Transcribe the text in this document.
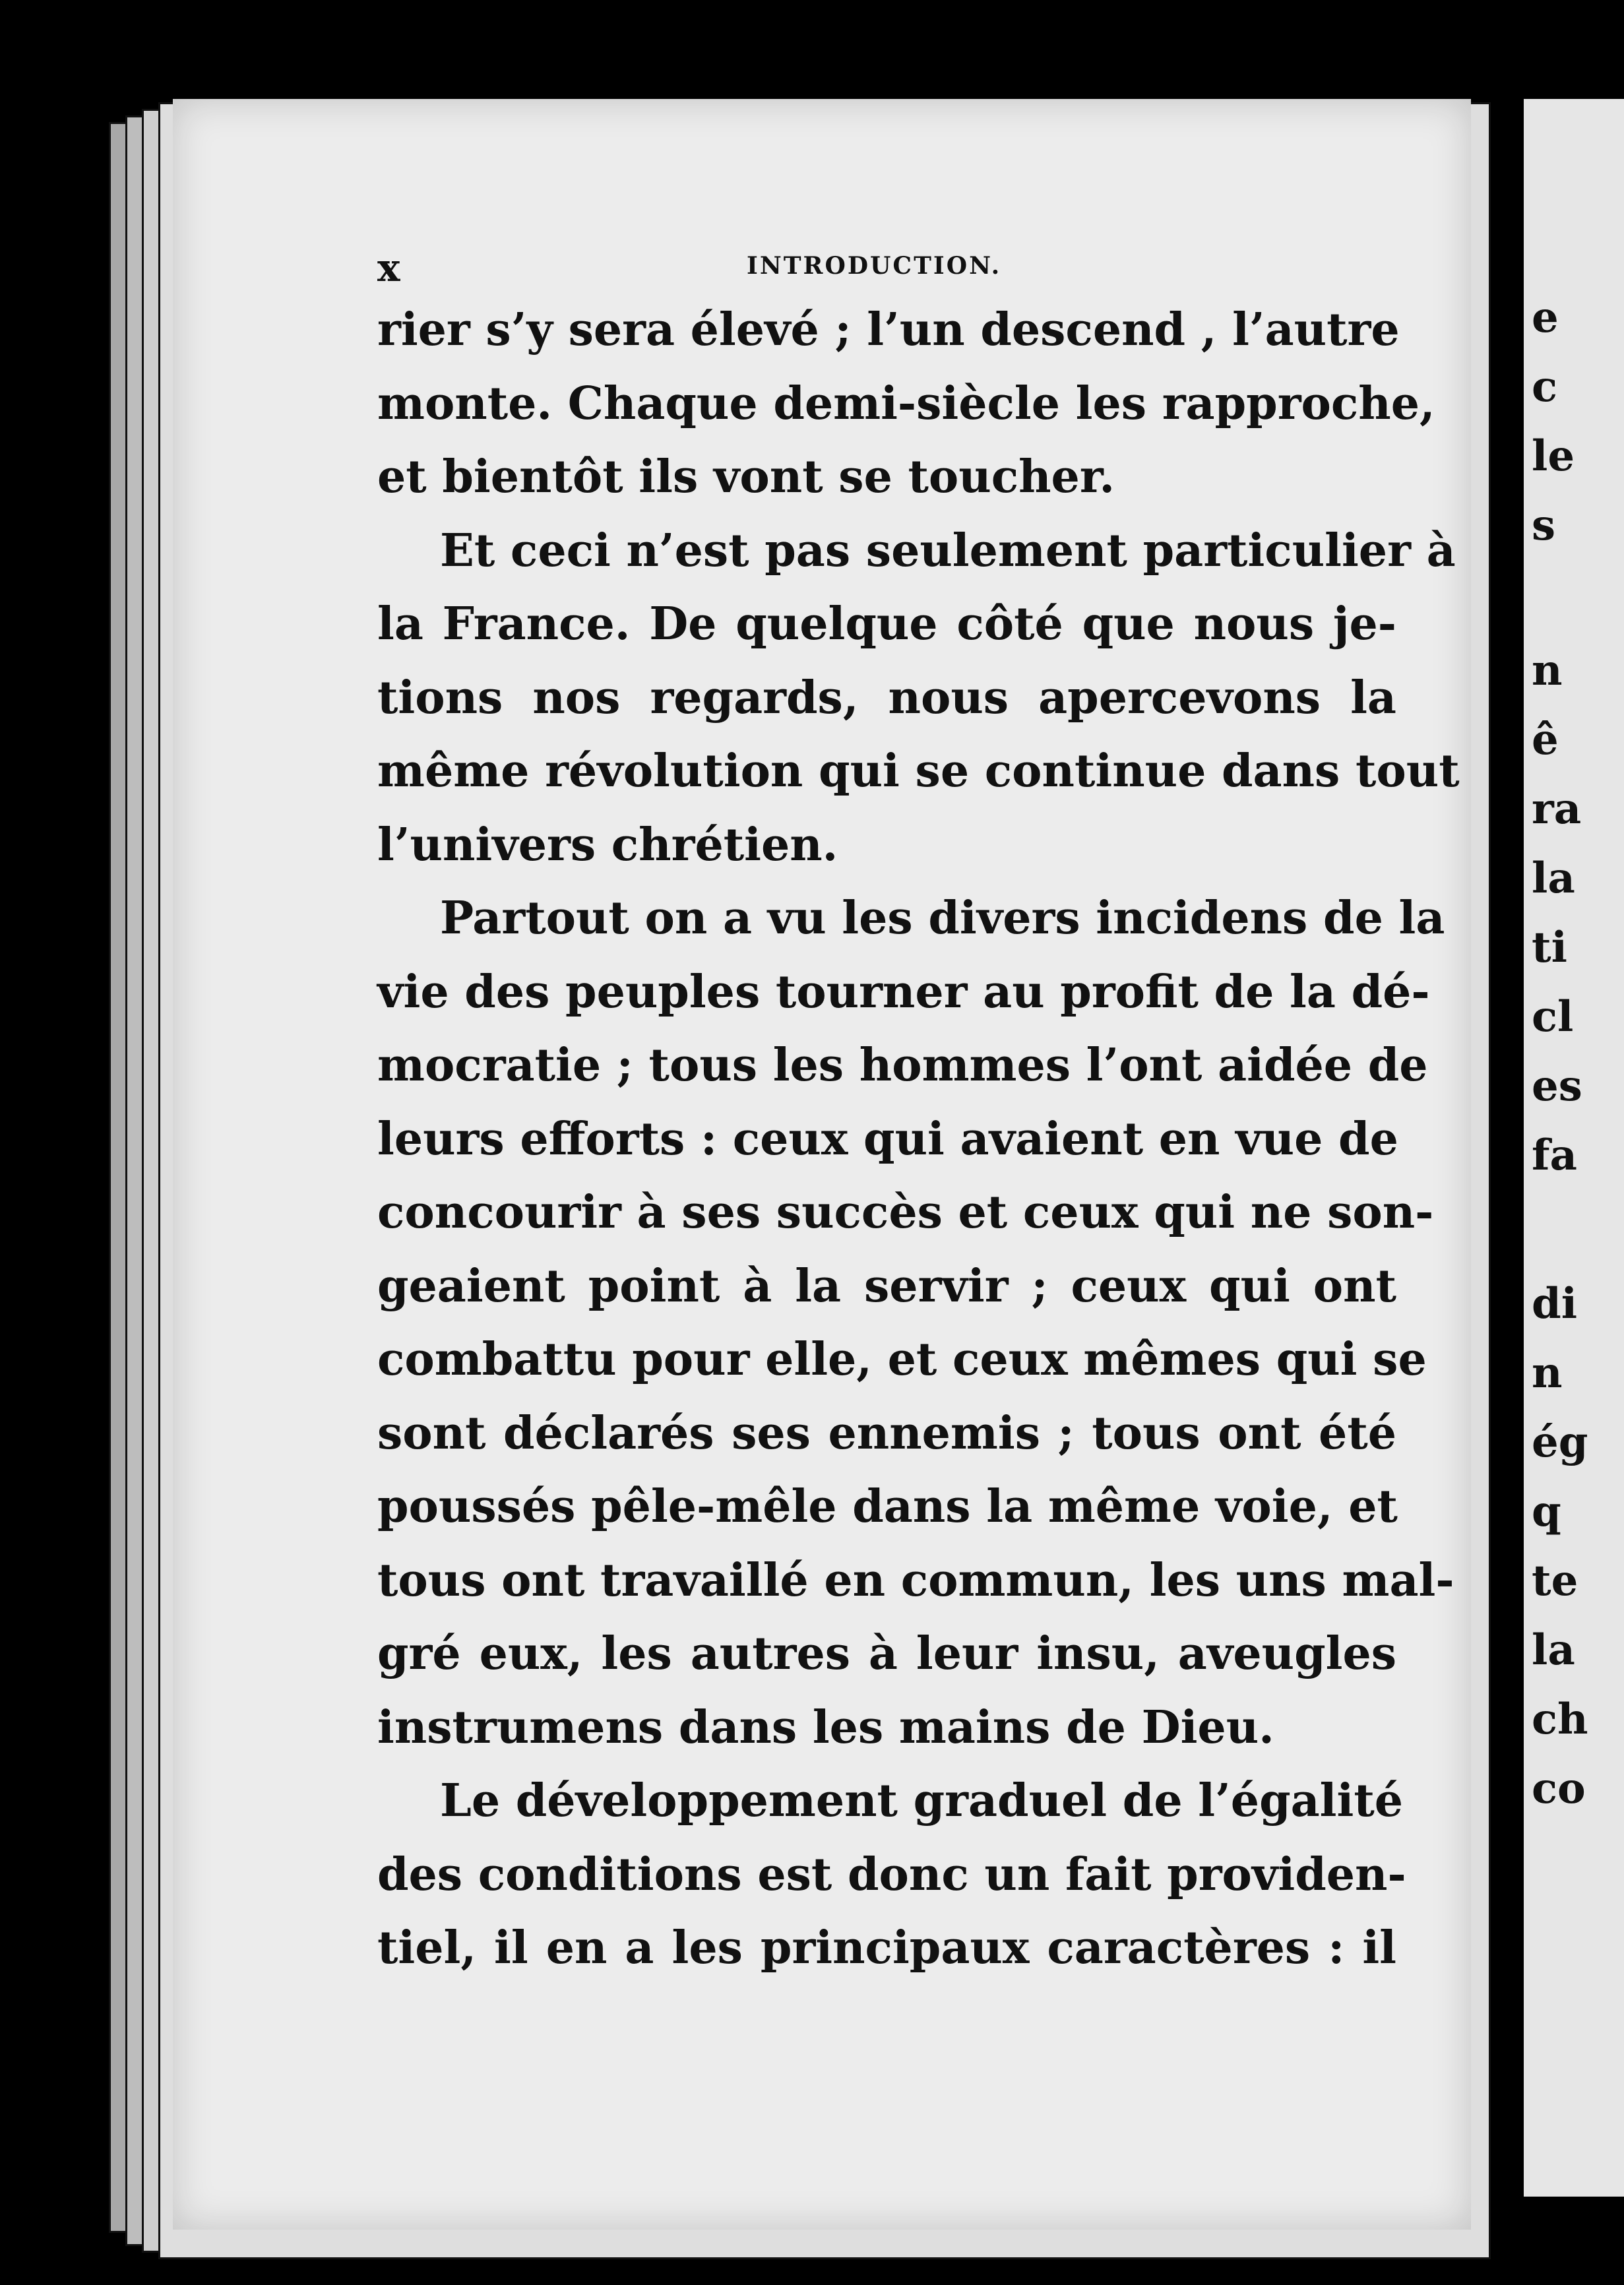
e
c
le
s
n
ê
ra
la
ti
cl
es
fa
di
n
ég
q
te
la
ch
co
x	INTRODUCTION.
rier s’y sera élevé ; l’un descend , l’autre
monte. Chaque demi-siècle les rapproche,
et bientôt ils vont se toucher.
Et ceci n’est pas seulement particulier à
la France. De quelque côté que nous je-
tions nos regards, nous apercevons la
même révolution qui se continue dans tout
l’univers chrétien.
Partout on a vu les divers incidens de la
vie des peuples tourner au profit de la dé-
mocratie ; tous les hommes l’ont aidée de
leurs efforts : ceux qui avaient en vue de
concourir à ses succès et ceux qui ne son-
geaient point à la servir ; ceux qui ont
combattu pour elle, et ceux mêmes qui se
sont déclarés ses ennemis ; tous ont été
poussés pêle-mêle dans la même voie, et
tous ont travaillé en commun, les uns mal-
gré eux, les autres à leur insu, aveugles
instrumens dans les mains de Dieu.
Le développement graduel de l’égalité
des conditions est donc un fait providen-
tiel, il en a les principaux caractères : il
